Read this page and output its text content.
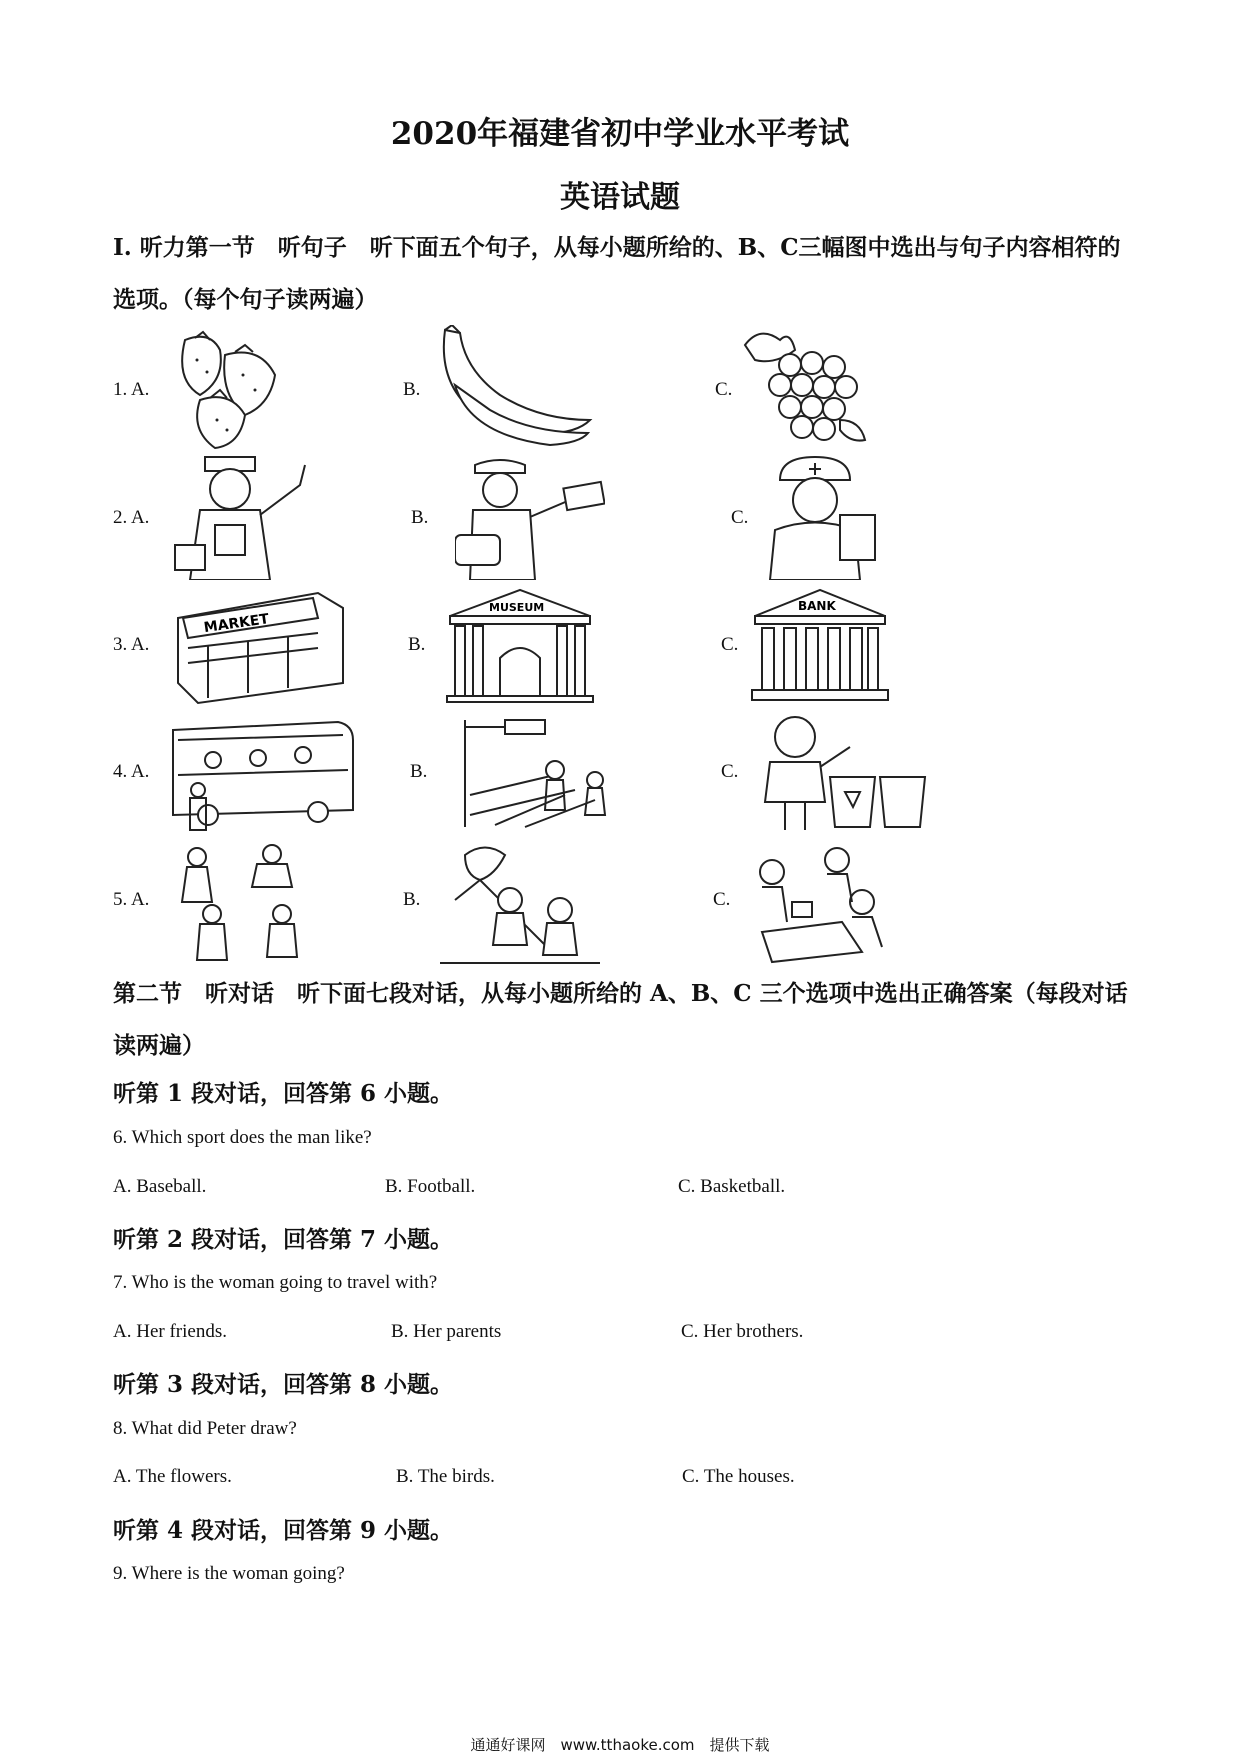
2020年福建省初中学业水平考试
英语试题
Ⅰ. 听力第一节　听句子　听下面五个句子，从每小题所给的、B、C三幅图中选出与句子内容相符的选项。（每个句子读两遍）
1. A.	B.	C.
2. A.	B.	C.
3. A.	B.	C.
MARKET
MUSEUM	BANK
4. A.	B.	C.
5. A.	B.	C.
第二节　听对话　听下面七段对话，从每小题所给的 A、B、C 三个选项中选出正确答案（每段对话读两遍）
听第 1 段对话，回答第 6 小题。
6. Which sport does the man like?
A. Baseball.	B. Football.	C. Basketball.
听第 2 段对话，回答第 7 小题。
7. Who is the woman going to travel with?
A. Her friends.	B. Her parents	C. Her brothers.
听第 3 段对话，回答第 8 小题。
8. What did Peter draw?
A. The flowers.	B. The birds.	C. The houses.
听第 4 段对话，回答第 9 小题。
9. Where is the woman going?
通通好课网　www.tthaoke.com　提供下载
